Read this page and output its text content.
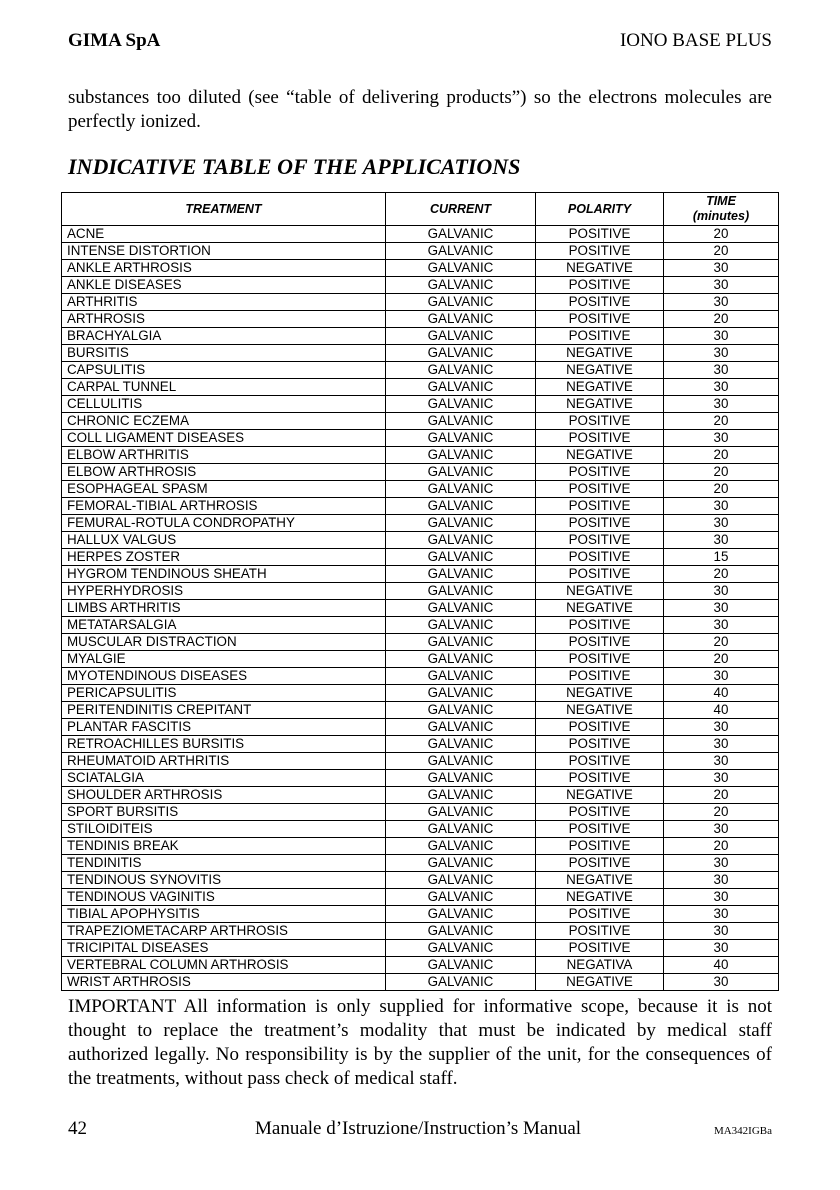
GIMA SpA	IONO BASE PLUS
substances too diluted (see “table of delivering products”) so the electrons molecules are perfectly ionized.
INDICATIVE TABLE OF THE APPLICATIONS
TREATMENT	CURRENT	POLARITY	TIME
(minutes)
ACNE	GALVANIC	POSITIVE	20
INTENSE DISTORTION	GALVANIC	POSITIVE	20
ANKLE ARTHROSIS	GALVANIC	NEGATIVE	30
ANKLE DISEASES	GALVANIC	POSITIVE	30
ARTHRITIS	GALVANIC	POSITIVE	30
ARTHROSIS	GALVANIC	POSITIVE	20
BRACHYALGIA	GALVANIC	POSITIVE	30
BURSITIS	GALVANIC	NEGATIVE	30
CAPSULITIS	GALVANIC	NEGATIVE	30
CARPAL TUNNEL	GALVANIC	NEGATIVE	30
CELLULITIS	GALVANIC	NEGATIVE	30
CHRONIC ECZEMA	GALVANIC	POSITIVE	20
COLL LIGAMENT DISEASES	GALVANIC	POSITIVE	30
ELBOW ARTHRITIS	GALVANIC	NEGATIVE	20
ELBOW ARTHROSIS	GALVANIC	POSITIVE	20
ESOPHAGEAL SPASM	GALVANIC	POSITIVE	20
FEMORAL-TIBIAL ARTHROSIS	GALVANIC	POSITIVE	30
FEMURAL-ROTULA CONDROPATHY	GALVANIC	POSITIVE	30
HALLUX VALGUS	GALVANIC	POSITIVE	30
HERPES ZOSTER	GALVANIC	POSITIVE	15
HYGROM TENDINOUS SHEATH	GALVANIC	POSITIVE	20
HYPERHYDROSIS	GALVANIC	NEGATIVE	30
LIMBS ARTHRITIS	GALVANIC	NEGATIVE	30
METATARSALGIA	GALVANIC	POSITIVE	30
MUSCULAR DISTRACTION	GALVANIC	POSITIVE	20
MYALGIE	GALVANIC	POSITIVE	20
MYOTENDINOUS DISEASES	GALVANIC	POSITIVE	30
PERICAPSULITIS	GALVANIC	NEGATIVE	40
PERITENDINITIS CREPITANT	GALVANIC	NEGATIVE	40
PLANTAR FASCITIS	GALVANIC	POSITIVE	30
RETROACHILLES BURSITIS	GALVANIC	POSITIVE	30
RHEUMATOID ARTHRITIS	GALVANIC	POSITIVE	30
SCIATALGIA	GALVANIC	POSITIVE	30
SHOULDER ARTHROSIS	GALVANIC	NEGATIVE	20
SPORT BURSITIS	GALVANIC	POSITIVE	20
STILOIDITEIS	GALVANIC	POSITIVE	30
TENDINIS BREAK	GALVANIC	POSITIVE	20
TENDINITIS	GALVANIC	POSITIVE	30
TENDINOUS SYNOVITIS	GALVANIC	NEGATIVE	30
TENDINOUS VAGINITIS	GALVANIC	NEGATIVE	30
TIBIAL APOPHYSITIS	GALVANIC	POSITIVE	30
TRAPEZIOMETACARP ARTHROSIS	GALVANIC	POSITIVE	30
TRICIPITAL DISEASES	GALVANIC	POSITIVE	30
VERTEBRAL COLUMN ARTHROSIS	GALVANIC	NEGATIVA	40
WRIST ARTHROSIS	GALVANIC	NEGATIVE	30
IMPORTANT All information is only supplied for informative scope, because it is not thought to replace the treatment’s modality that must be indicated by medical staff authorized legally. No responsibility is by the supplier of the unit, for the consequences of the treatments, without pass check of medical staff.
42	Manuale d’Istruzione/Instruction’s Manual	MA342IGBa
